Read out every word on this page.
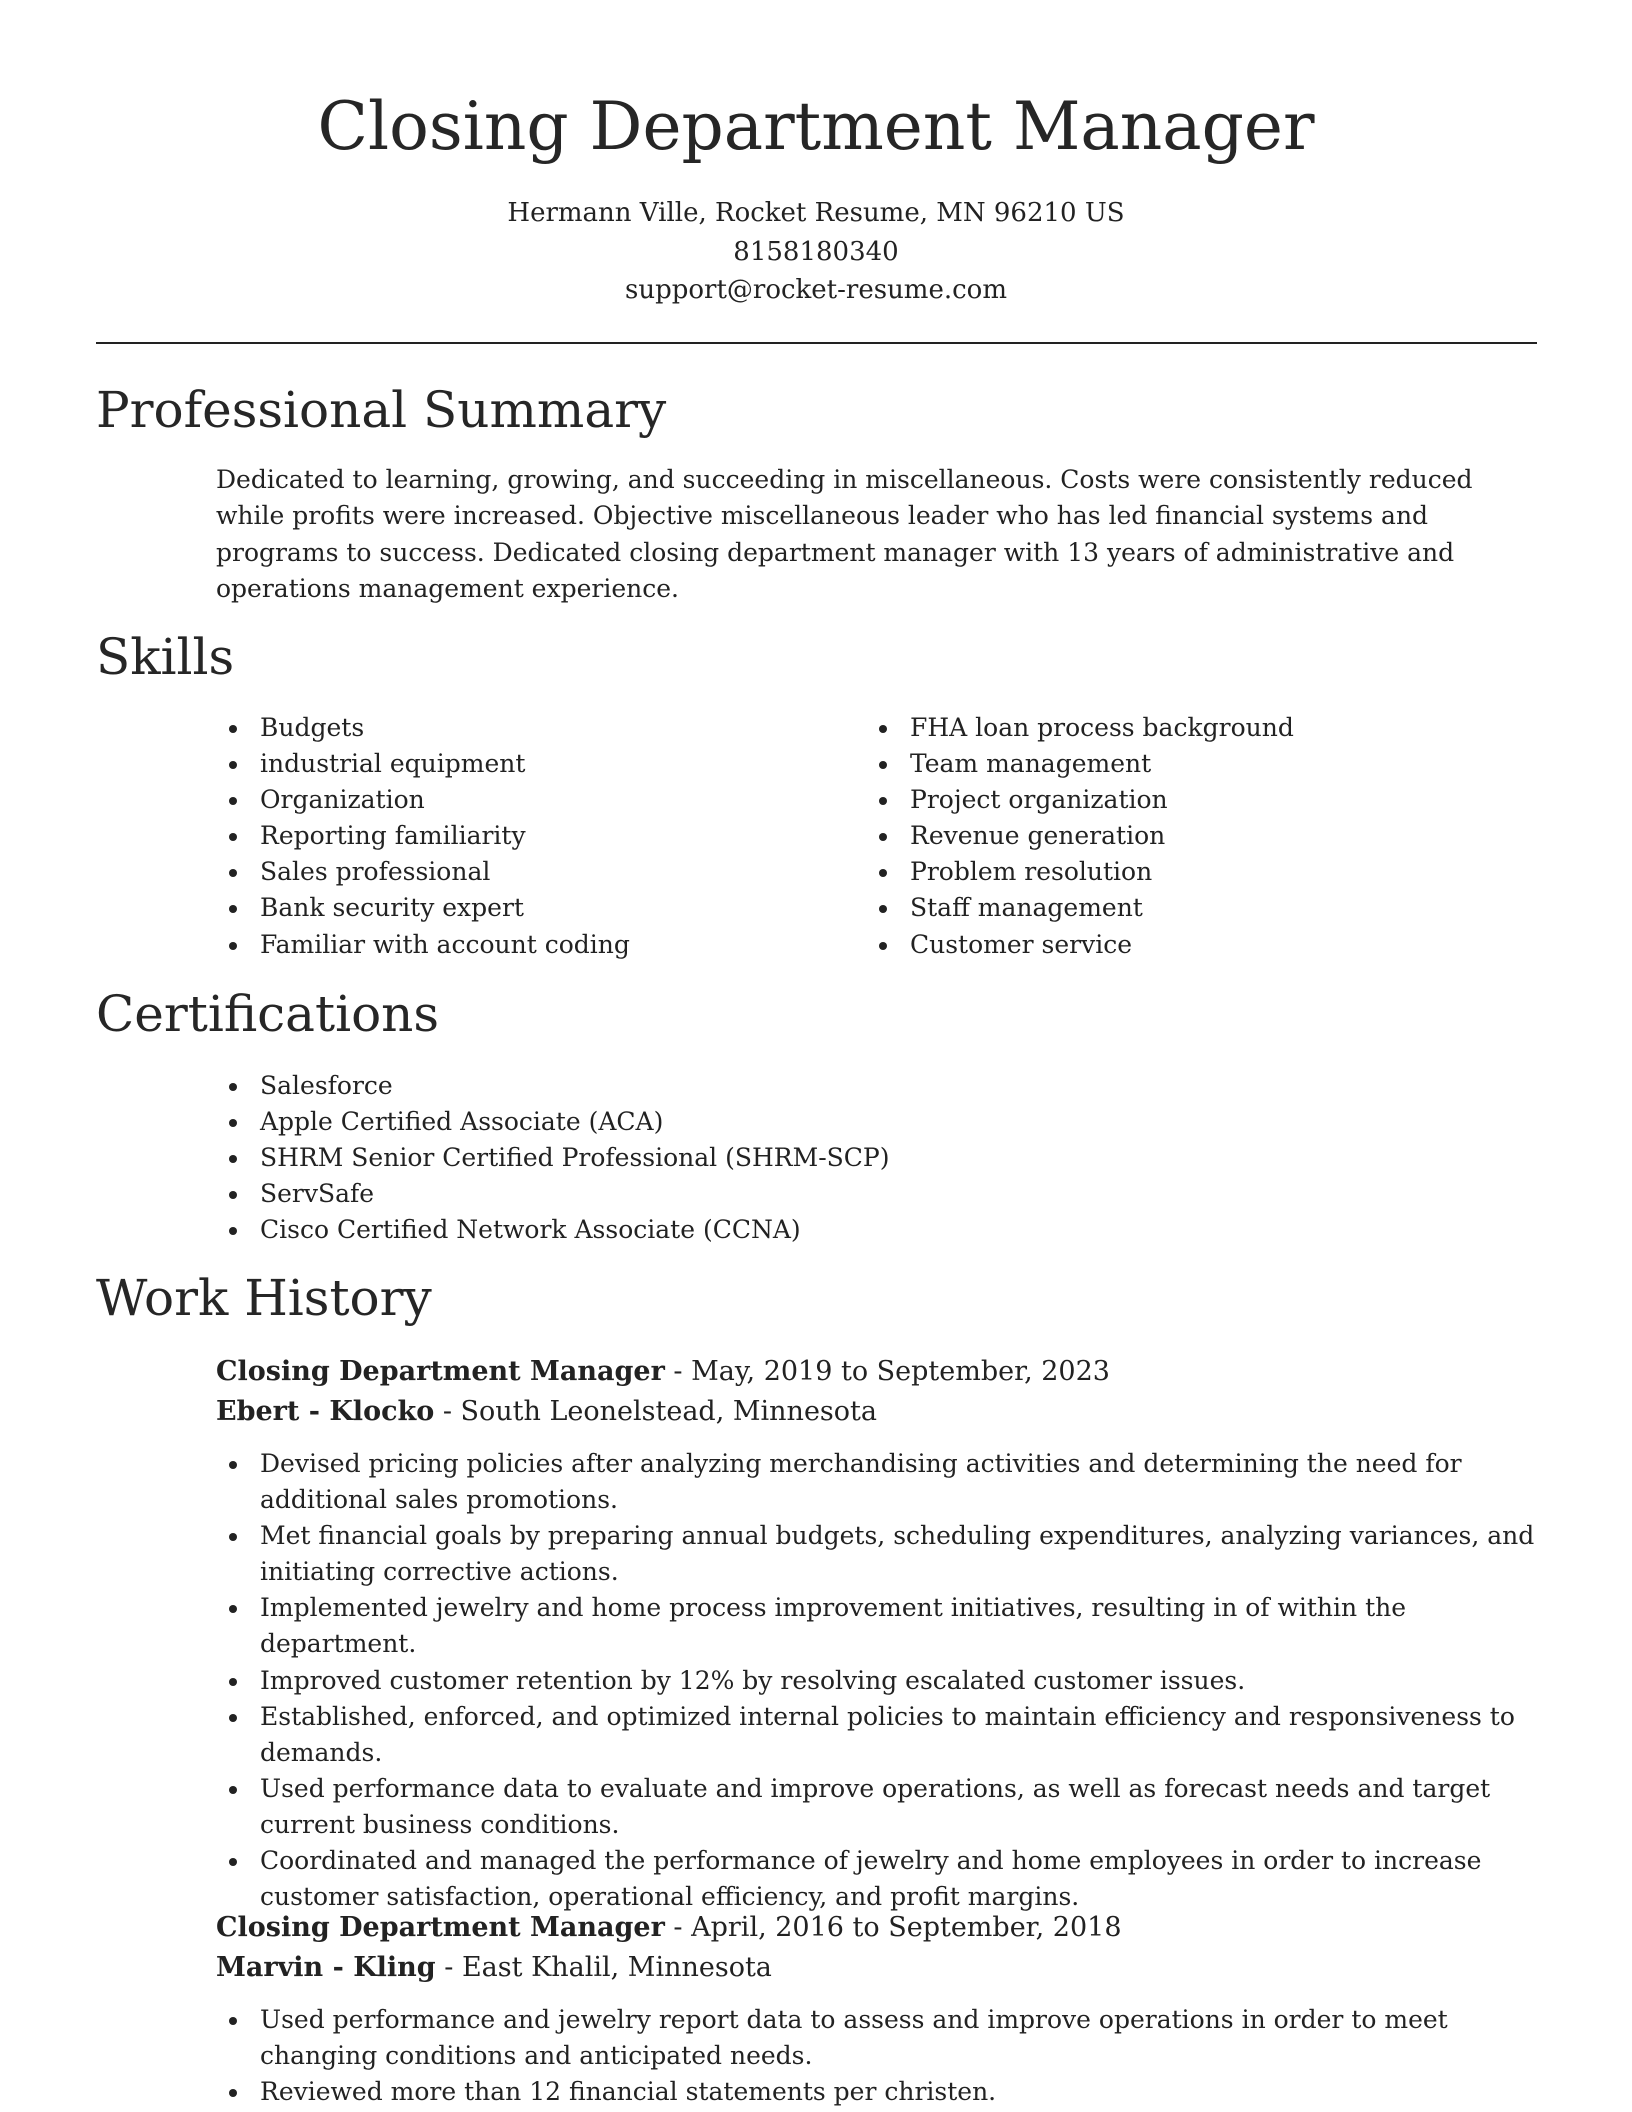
Closing Department Manager
Hermann Ville, Rocket Resume, MN 96210 US
8158180340
support@rocket-resume.com
Professional Summary

Dedicated to learning, growing, and succeeding in miscellaneous. Costs were consistently reduced while profits were increased. Objective miscellaneous leader who has led financial systems and programs to success. Dedicated closing department manager with 13 years of administrative and operations management experience.

Skills
Budgets
industrial equipment
Organization
Reporting familiarity
Sales professional
Bank security expert
Familiar with account coding
FHA loan process background
Team management
Project organization
Revenue generation
Problem resolution
Staff management
Customer service
Certifications
Salesforce
Apple Certified Associate (ACA)
SHRM Senior Certified Professional (SHRM-SCP)
ServSafe
Cisco Certified Network Associate (CCNA)
Work History
Closing Department Manager - May, 2019 to September, 2023
Ebert - Klocko - South Leonelstead, Minnesota
Devised pricing policies after analyzing merchandising activities and determining the need for additional sales promotions.
Met financial goals by preparing annual budgets, scheduling expenditures, analyzing variances, and initiating corrective actions.
Implemented jewelry and home process improvement initiatives, resulting in of within the department.
Improved customer retention by 12% by resolving escalated customer issues.
Established, enforced, and optimized internal policies to maintain efficiency and responsiveness to demands.
Used performance data to evaluate and improve operations, as well as forecast needs and target current business conditions.
Coordinated and managed the performance of jewelry and home employees in order to increase customer satisfaction, operational efficiency, and profit margins.
Closing Department Manager - April, 2016 to September, 2018
Marvin - Kling - East Khalil, Minnesota
Used performance and jewelry report data to assess and improve operations in order to meet changing conditions and anticipated needs.
Reviewed more than 12 financial statements per christen.
